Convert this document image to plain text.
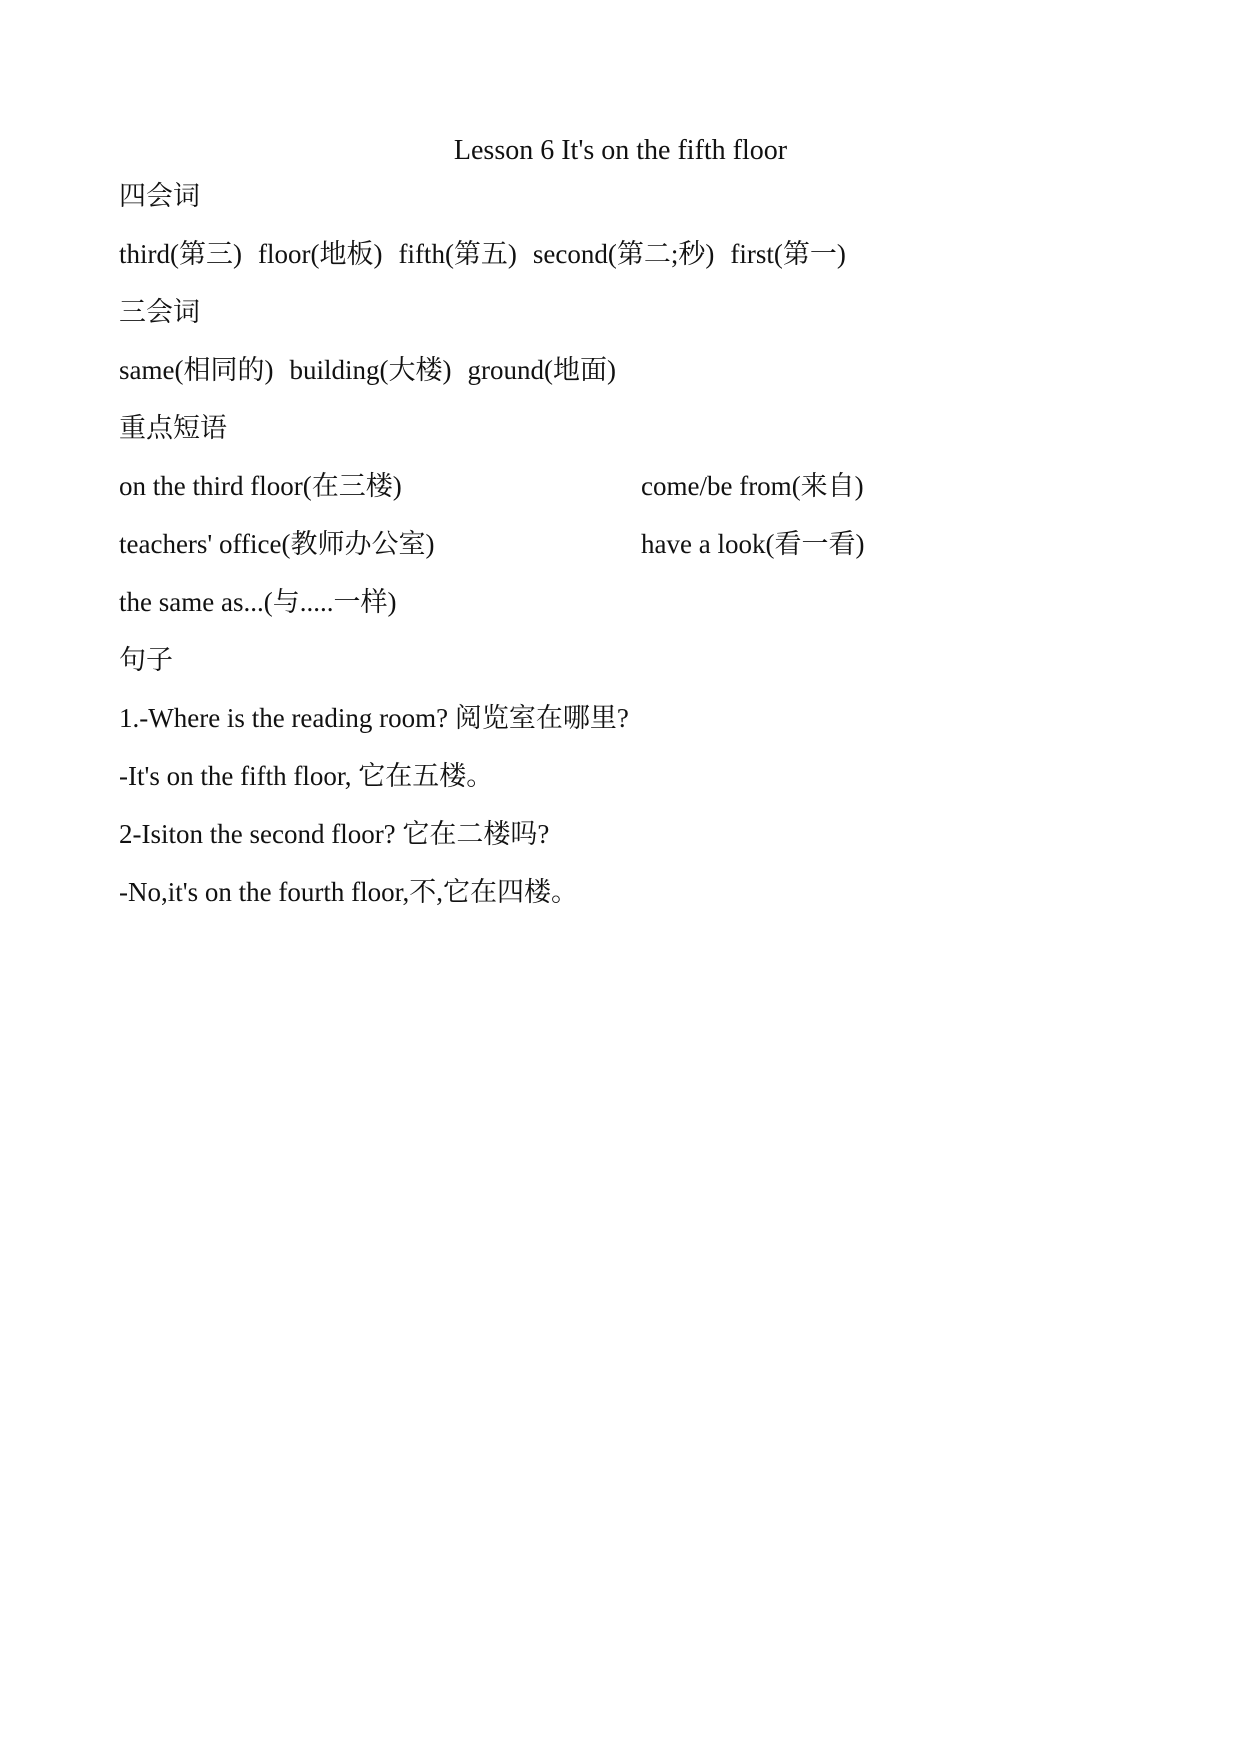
Lesson 6 It's on the fifth floor
四会词
third(第三) floor(地板) fifth(第五) second(第二;秒) first(第一)
三会词
same(相同的) building(大楼) ground(地面)
重点短语
on the third floor(在三楼)	come/be from(来自)
teachers' office(教师办公室)	have a look(看一看)
the same as...(与.....一样)
句子
1.-Where is the reading room? 阅览室在哪里?
-It's on the fifth floor, 它在五楼。
2-Isiton the second floor? 它在二楼吗?
-No,it's on the fourth floor,不,它在四楼。
